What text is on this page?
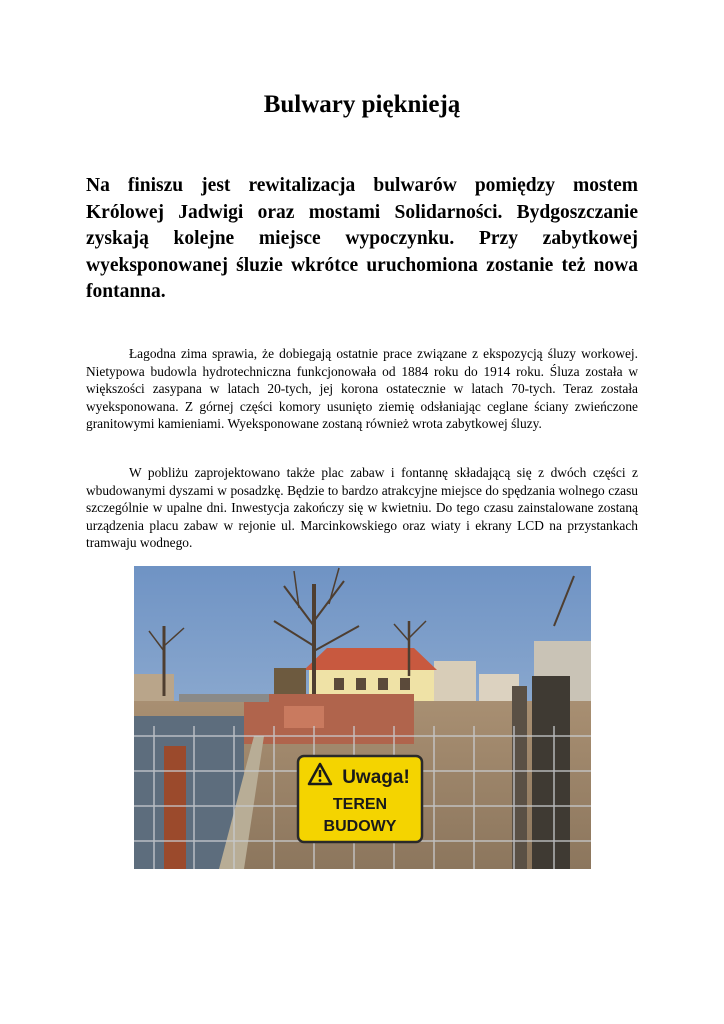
Bulwary pięknieją

Na finiszu jest rewitalizacja bulwarów pomiędzy mostem Królowej Jadwigi oraz mostami Solidarności. Bydgoszczanie zyskają kolejne miejsce wypoczynku. Przy zabytkowej wyeksponowanej śluzie wkrótce uruchomiona zostanie też nowa fontanna.

Łagodna zima sprawia, że dobiegają ostatnie prace związane z ekspozycją śluzy workowej. Nietypowa budowla hydrotechniczna funkcjonowała od 1884 roku do 1914 roku. Śluza została w większości zasypana w latach 20-tych, jej korona ostatecznie w latach 70-tych. Teraz została wyeksponowana. Z górnej części komory usunięto ziemię odsłaniając ceglane ściany zwieńczone granitowymi kamieniami. Wyeksponowane zostaną również wrota zabytkowej śluzy.

W pobliżu zaprojektowano także plac zabaw i fontannę składającą się z dwóch części z wbudowanymi dyszami w posadzkę. Będzie to bardzo atrakcyjne miejsce do spędzania wolnego czasu szczególnie w upalne dni. Inwestycja zakończy się w kwietniu. Do tego czasu zainstalowane zostaną urządzenia placu zabaw w rejonie ul. Marcinkowskiego oraz wiaty i ekrany LCD na przystankach tramwaju wodnego.

Uwaga!
TEREN
BUDOWY
